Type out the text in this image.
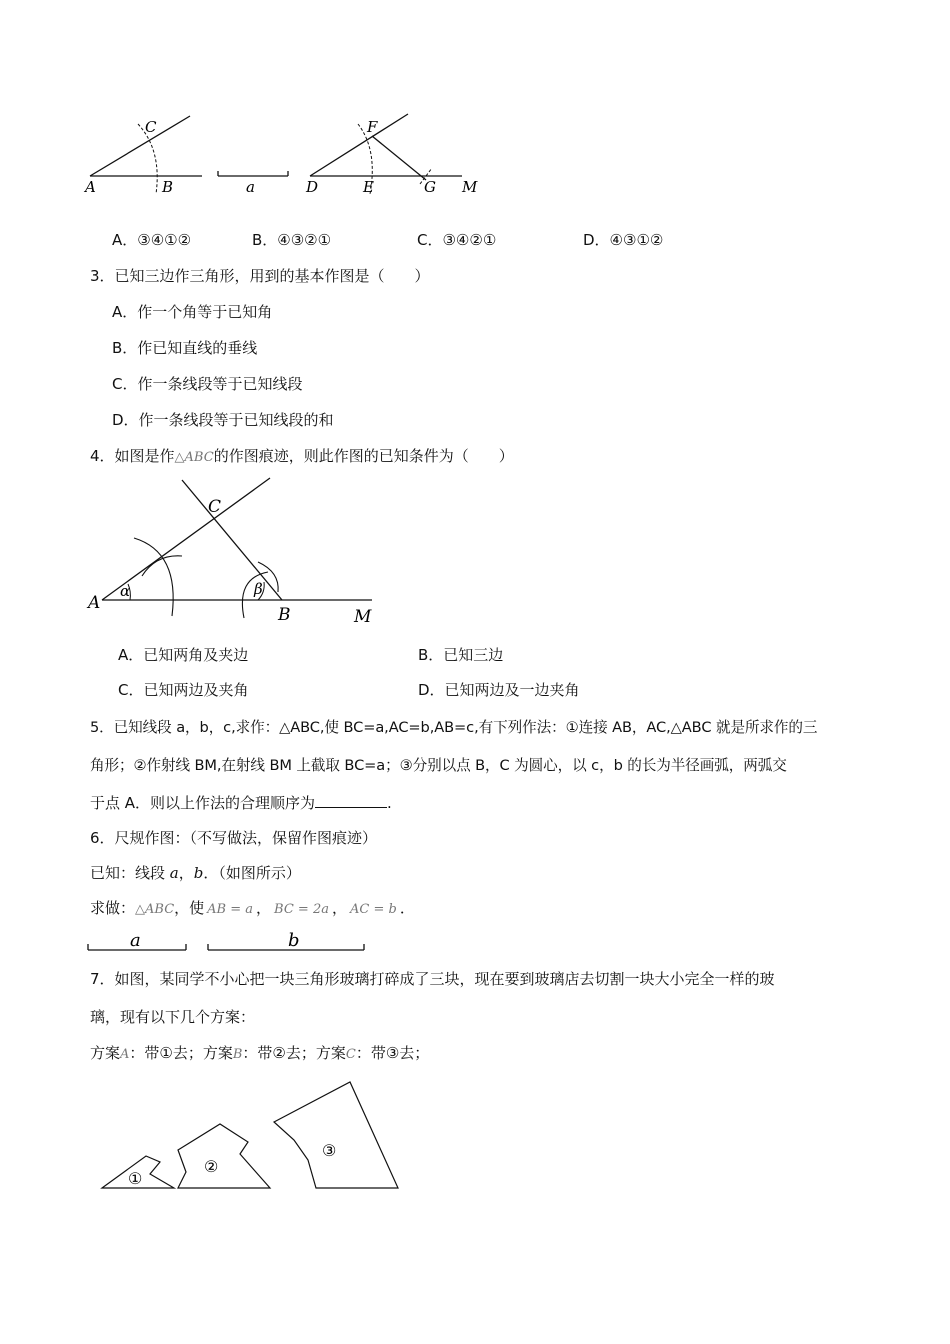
C
A	B	a
F
D	E	G M
A．③④①②	B．④③②①	C．③④②①	D．④③①②
3．已知三边作三角形，用到的基本作图是（　　）
A．作一个角等于已知角
B．作已知直线的垂线
C．作一条线段等于已知线段
D．作一条线段等于已知线段的和
4．如图是作△ABC的作图痕迹，则此作图的已知条件为（　　）
C
A
α	β
B	M
A．已知两角及夹边	B．已知三边
C．已知两边及夹角	D．已知两边及一边夹角
5．已知线段 a，b，c,求作：△ABC,使 BC=a,AC=b,AB=c,有下列作法：①连接 AB，AC,△ABC 就是所求作的三
角形；②作射线 BM,在射线 BM 上截取 BC=a；③分别以点 B，C 为圆心，以 c，b 的长为半径画弧，两弧交
于点 A．则以上作法的合理顺序为	.
6．尺规作图：（不写做法，保留作图痕迹）
已知：线段 a，b．（如图所示）
求做：△ABC，使 AB = a ， BC = 2a ， AC = b ．
a	b
7．如图，某同学不小心把一块三角形玻璃打碎成了三块，现在要到玻璃店去切割一块大小完全一样的玻
璃，现有以下几个方案：
方案A：带①去；方案B：带②去；方案C：带③去；
①
②
③
